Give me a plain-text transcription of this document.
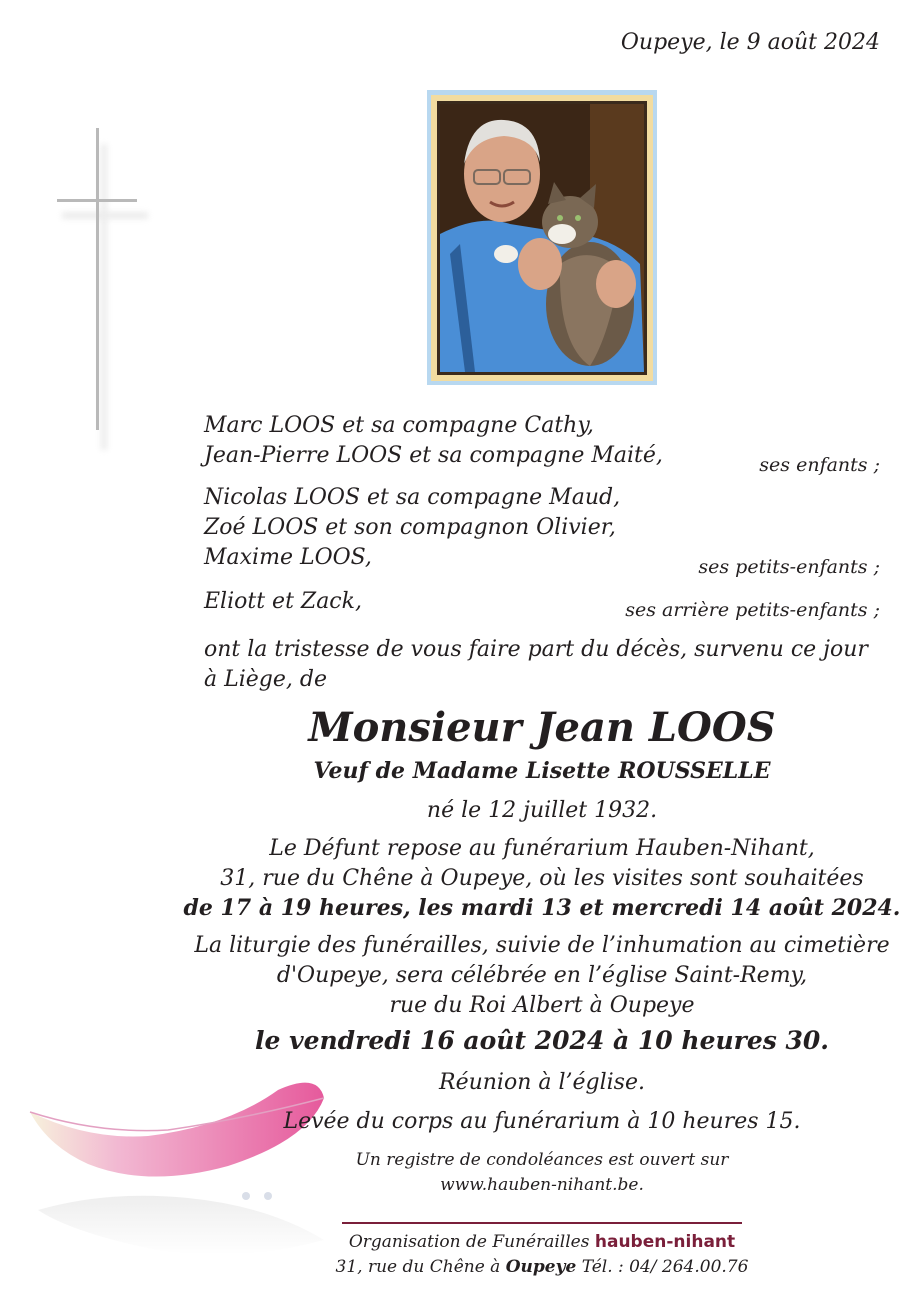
Oupeye, le 9 août 2024
Marc LOOS et sa compagne Cathy,
Jean-Pierre LOOS et sa compagne Maité,	ses enfants ;
Nicolas LOOS et sa compagne Maud,
Zoé LOOS et son compagnon Olivier,
Maxime LOOS,	ses petits-enfants ;
Eliott et Zack,	ses arrière petits-enfants ;
ont la tristesse de vous faire part du décès, survenu ce jour
à Liège, de
Monsieur Jean LOOS
Veuf de Madame Lisette ROUSSELLE
né le 12 juillet 1932.
Le Défunt repose au funérarium Hauben-Nihant,
31, rue du Chêne à Oupeye, où les visites sont souhaitées
de 17 à 19 heures, les mardi 13 et mercredi 14 août 2024.
La liturgie des funérailles, suivie de l’inhumation au cimetière
d'Oupeye, sera célébrée en l’église Saint-Remy,
rue du Roi Albert à Oupeye
le vendredi 16 août 2024 à 10 heures 30.
Réunion à l’église.
Levée du corps au funérarium à 10 heures 15.
Un registre de condoléances est ouvert sur
www.hauben-nihant.be.
Organisation de Funérailles hauben-nihant
31, rue du Chêne à Oupeye Tél. : 04/ 264.00.76
